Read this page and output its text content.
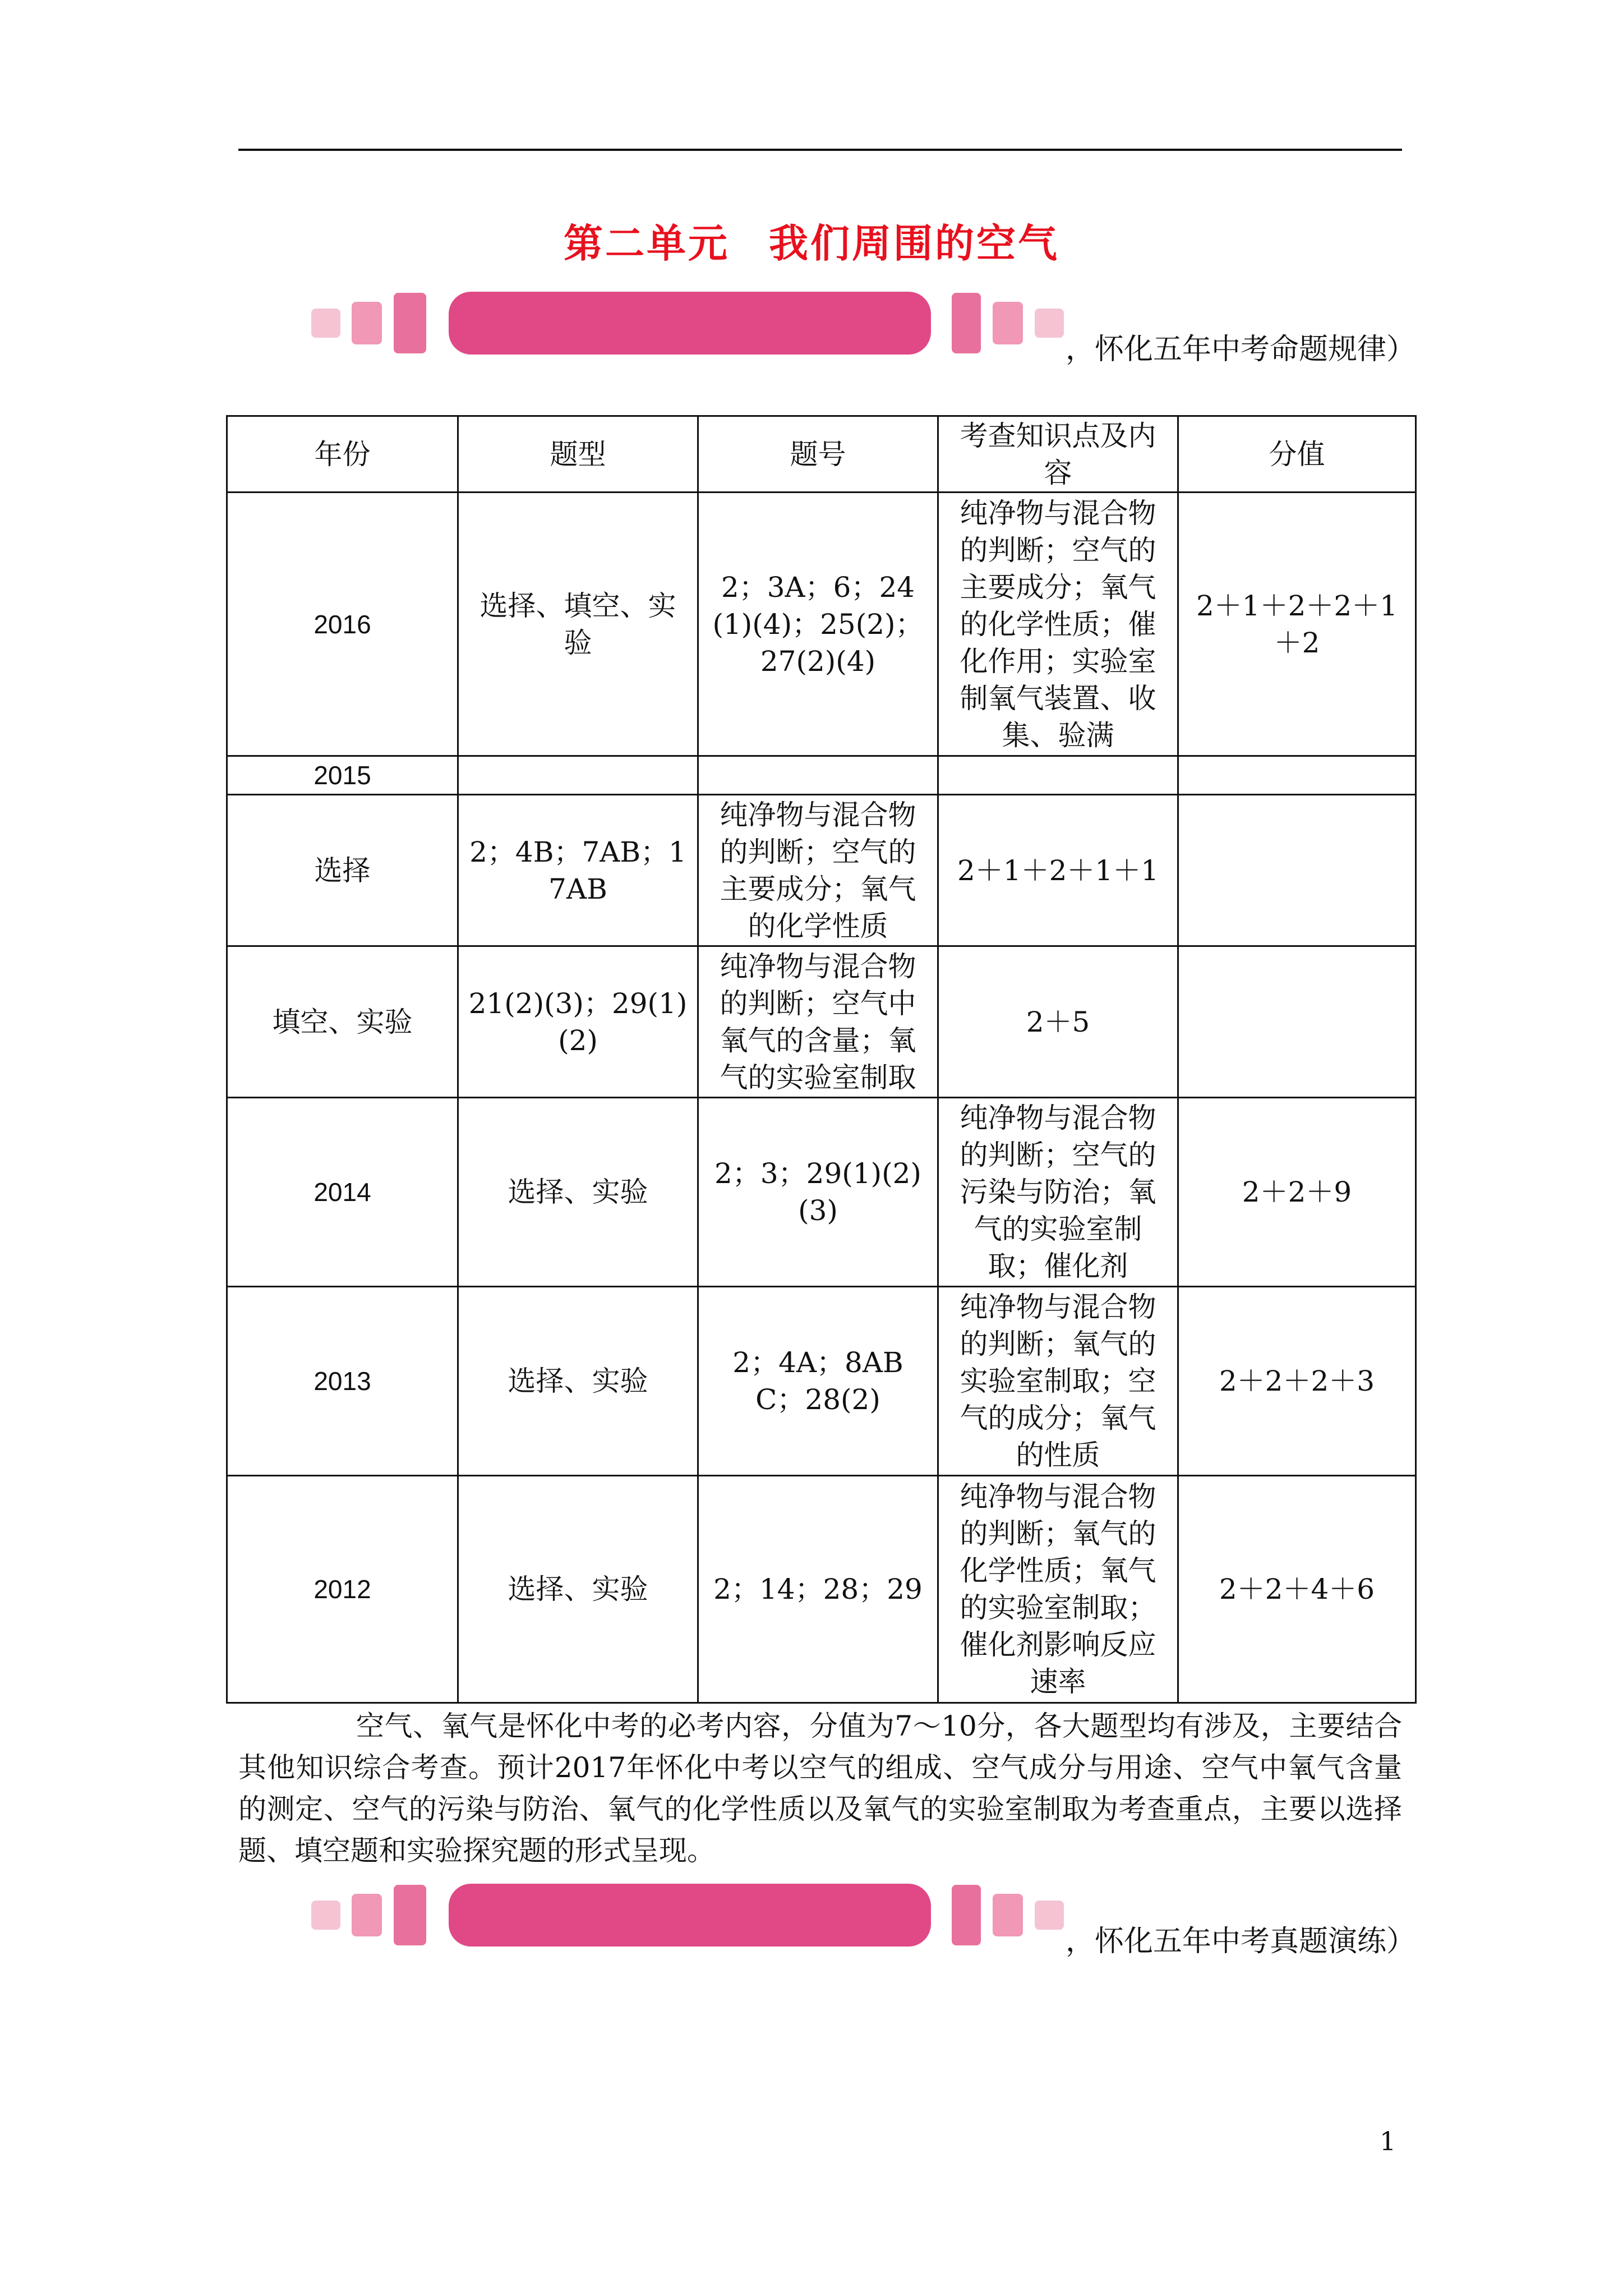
第二单元 我们周围的空气
，怀化五年中考命题规律）
年份	题型	题号	考查知识点及内容	分值
2016	选择、填空、实验	2；3A；6；24(1)(4)；25(2)；27(2)(4)	纯净物与混合物的判断；空气的主要成分；氧气的化学性质；催化作用；实验室制氧气装置、收集、验满	2＋1＋2＋2＋1＋2
2015				
选择	2；4B；7AB；17AB	纯净物与混合物的判断；空气的主要成分；氧气的化学性质	2＋1＋2＋1＋1	
填空、实验	21(2)(3)；29(1)(2)	纯净物与混合物的判断；空气中氧气的含量；氧气的实验室制取	2＋5	
2014	选择、实验	2；3；29(1)(2)(3)	纯净物与混合物的判断；空气的污染与防治；氧气的实验室制取；催化剂	2＋2＋9
2013	选择、实验	2；4A；8ABC；28(2)	纯净物与混合物的判断；氧气的实验室制取；空气的成分；氧气的性质	2＋2＋2＋3
2012	选择、实验	2；14；28；29	纯净物与混合物的判断；氧气的化学性质；氧气的实验室制取；催化剂影响反应速率	2＋2＋4＋6
空气、氧气是怀化中考的必考内容，分值为7～10分，各大题型均有涉及，主要结合其他知识综合考查。预计2017年怀化中考以空气的组成、空气成分与用途、空气中氧气含量的测定、空气的污染与防治、氧气的化学性质以及氧气的实验室制取为考查重点，主要以选择题、填空题和实验探究题的形式呈现。
，怀化五年中考真题演练）
1
